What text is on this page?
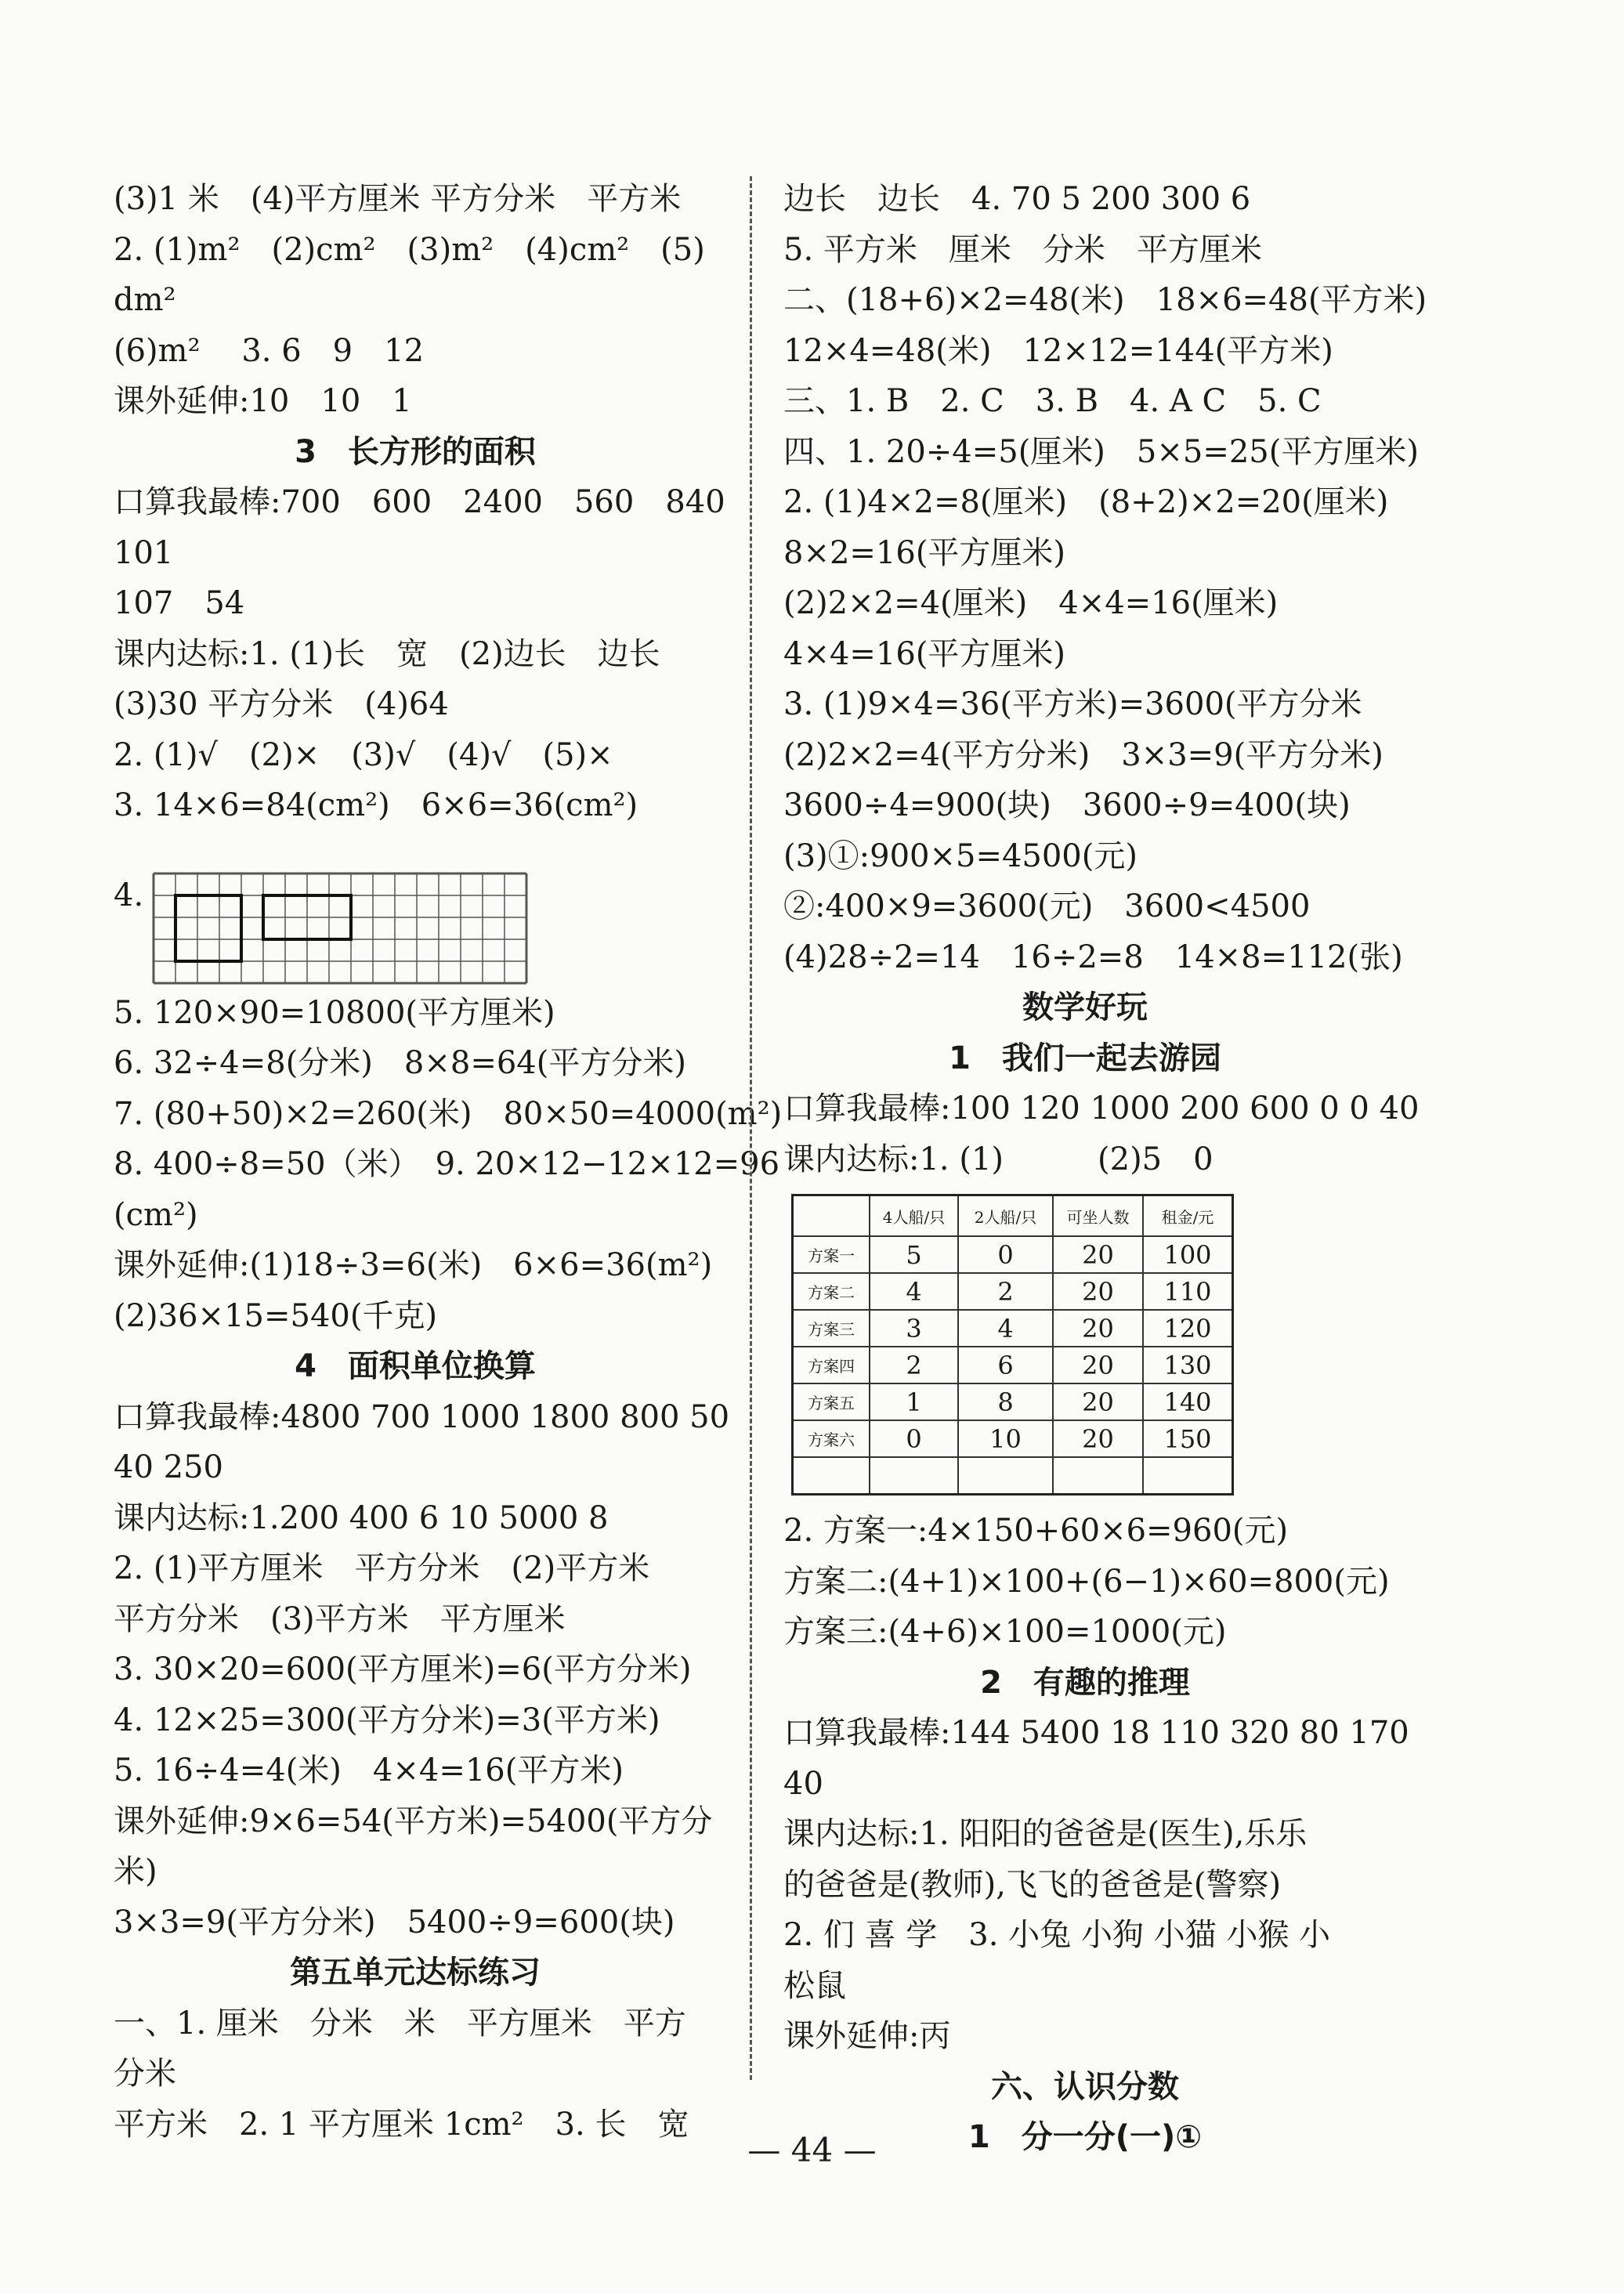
(3)1 米　(4)平方厘米 平方分米　平方米
2. (1)m²　(2)cm²　(3)m²　(4)cm²　(5)
dm²
(6)m²　 3. 6　9　12
课外延伸:10　10　1
3　长方形的面积
口算我最棒:700　600　2400　560　840
101
107　54
课内达标:1. (1)长　宽　(2)边长　边长
(3)30 平方分米　(4)64
2. (1)√　(2)×　(3)√　(4)√　(5)×
3. 14×6=84(cm²)　6×6=36(cm²)
4.
5. 120×90=10800(平方厘米)
6. 32÷4=8(分米)　8×8=64(平方分米)
7. (80+50)×2=260(米)　80×50=4000(m²)
8. 400÷8=50（米）　9. 20×12−12×12=96
(cm²)
课外延伸:(1)18÷3=6(米)　6×6=36(m²)
(2)36×15=540(千克)
4　面积单位换算
口算我最棒:4800 700 1000 1800 800 50
40 250
课内达标:1.200 400 6 10 5000 8
2. (1)平方厘米　平方分米　(2)平方米
平方分米　(3)平方米　平方厘米
3. 30×20=600(平方厘米)=6(平方分米)
4. 12×25=300(平方分米)=3(平方米)
5. 16÷4=4(米)　4×4=16(平方米)
课外延伸:9×6=54(平方米)=5400(平方分
米)
3×3=9(平方分米)　5400÷9=600(块)
第五单元达标练习
一、1. 厘米　分米　米　平方厘米　平方
分米
平方米　2. 1 平方厘米 1cm²　3. 长　宽
边长　边长　4. 70 5 200 300 6
5. 平方米　厘米　分米　平方厘米
二、(18+6)×2=48(米)　18×6=48(平方米)
12×4=48(米)　12×12=144(平方米)
三、1. B　2. C　3. B　4. A C　5. C
四、1. 20÷4=5(厘米)　5×5=25(平方厘米)
2. (1)4×2=8(厘米)　(8+2)×2=20(厘米)
8×2=16(平方厘米)
(2)2×2=4(厘米)　4×4=16(厘米)
4×4=16(平方厘米)
3. (1)9×4=36(平方米)=3600(平方分米
(2)2×2=4(平方分米)　3×3=9(平方分米)
3600÷4=900(块)　3600÷9=400(块)
(3)①:900×5=4500(元)
②:400×9=3600(元)　3600<4500
(4)28÷2=14　16÷2=8　14×8=112(张)
数学好玩
1　我们一起去游园
口算我最棒:100 120 1000 200 600 0 0 40
课内达标:1. (1)　　　(2)5　0
	4人船/只	2人船/只	可坐人数	租金/元
方案一	5	0	20	100
方案二	4	2	20	110
方案三	3	4	20	120
方案四	2	6	20	130
方案五	1	8	20	140
方案六	0	10	20	150

2. 方案一:4×150+60×6=960(元)
方案二:(4+1)×100+(6−1)×60=800(元)
方案三:(4+6)×100=1000(元)
2　有趣的推理
口算我最棒:144 5400 18 110 320 80 170
40
课内达标:1. 阳阳的爸爸是(医生),乐乐
的爸爸是(教师),飞飞的爸爸是(警察)
2. 们 喜 学　3. 小兔 小狗 小猫 小猴 小
松鼠
课外延伸:丙
六、认识分数
1　分一分(一)①
— 44 —
